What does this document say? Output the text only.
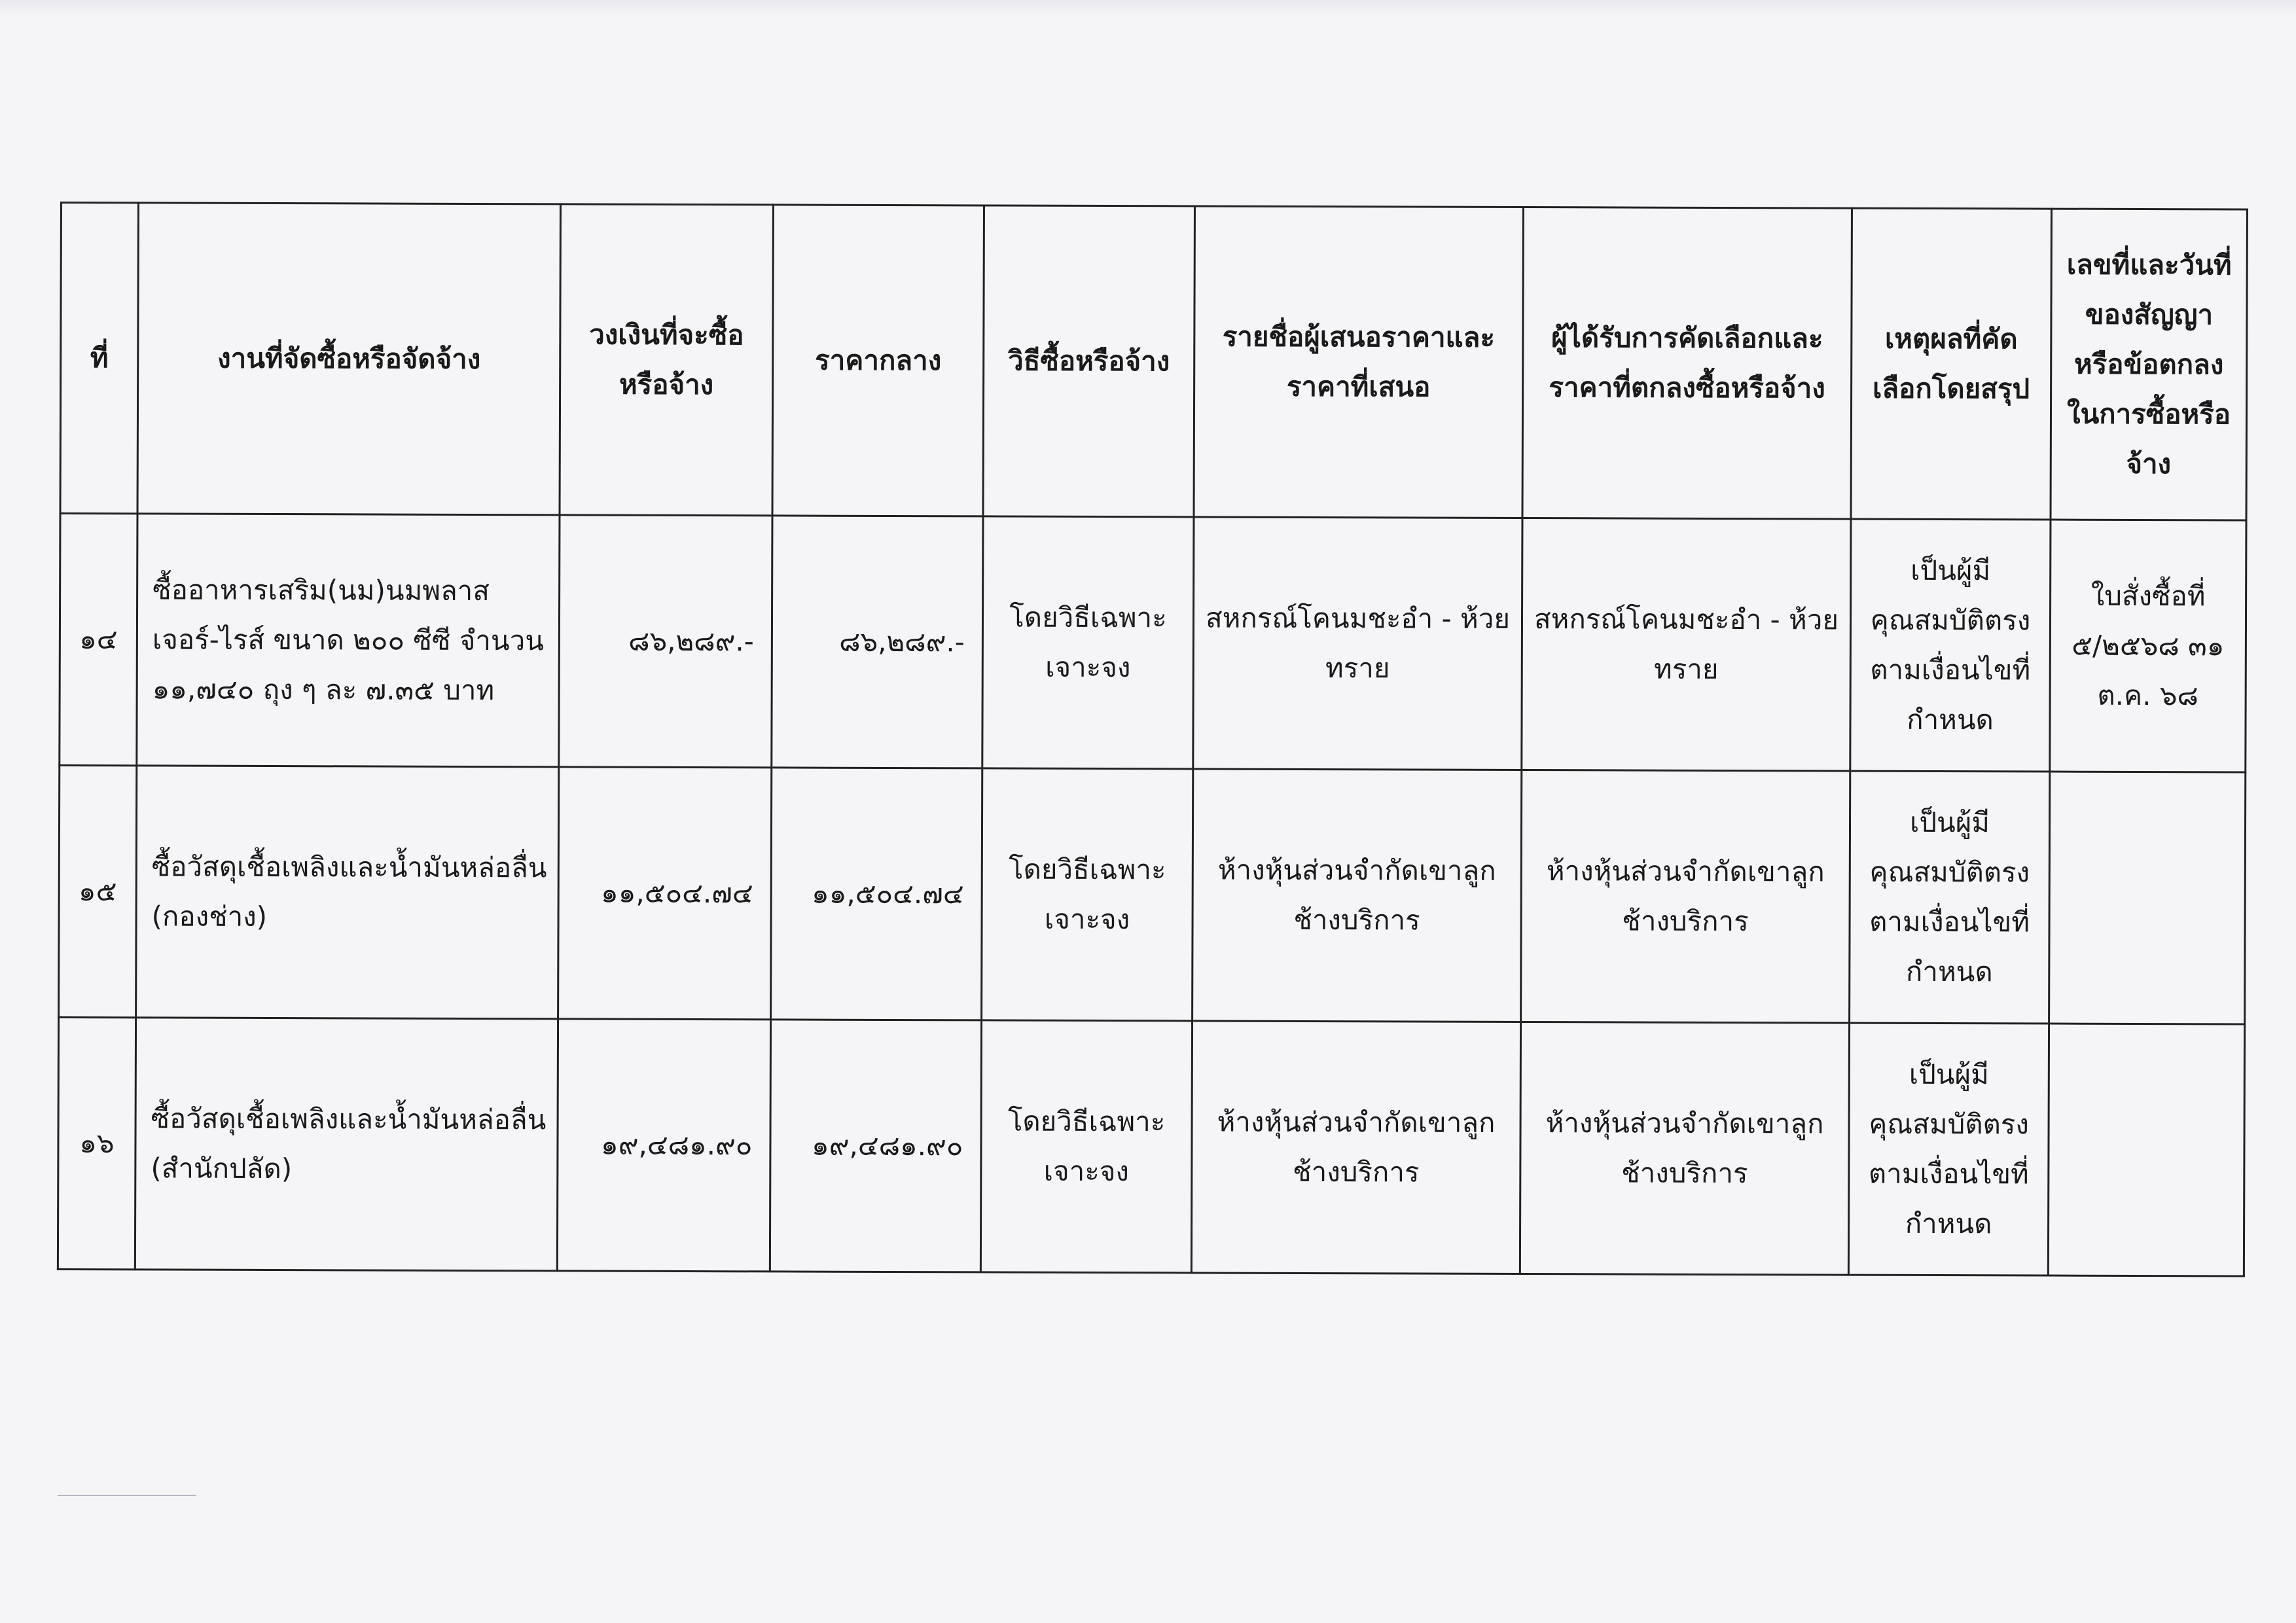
ที่	งานที่จัดซื้อหรือจัดจ้าง	วงเงินที่จะซื้อหรือจ้าง	ราคากลาง	วิธีซื้อหรือจ้าง	รายชื่อผู้เสนอราคาและราคาที่เสนอ	ผู้ได้รับการคัดเลือกและราคาที่ตกลงซื้อหรือจ้าง	เหตุผลที่คัดเลือกโดยสรุป	เลขที่และวันที่ของสัญญาหรือข้อตกลงในการซื้อหรือจ้าง
๑๔	ซื้ออาหารเสริม(นม)นมพลาสเจอร์-ไรส์ ขนาด ๒๐๐ ซีซี จำนวน ๑๑,๗๔๐ ถุง ๆ ละ ๗.๓๕ บาท	๘๖,๒๘๙.-	๘๖,๒๘๙.-	โดยวิธีเฉพาะเจาะจง	สหกรณ์โคนมชะอำ - ห้วยทราย	สหกรณ์โคนมชะอำ - ห้วยทราย	เป็นผู้มีคุณสมบัติตรงตามเงื่อนไขที่กำหนด	ใบสั่งซื้อที่ ๕/๒๕๖๘ ๓๑ ต.ค. ๖๘
๑๕	ซื้อวัสดุเชื้อเพลิงและน้ำมันหล่อลื่น (กองช่าง)	๑๑,๕๐๔.๗๔	๑๑,๕๐๔.๗๔	โดยวิธีเฉพาะเจาะจง	ห้างหุ้นส่วนจำกัดเขาลูกช้างบริการ	ห้างหุ้นส่วนจำกัดเขาลูกช้างบริการ	เป็นผู้มีคุณสมบัติตรงตามเงื่อนไขที่กำหนด	
๑๖	ซื้อวัสดุเชื้อเพลิงและน้ำมันหล่อลื่น (สำนักปลัด)	๑๙,๔๘๑.๙๐	๑๙,๔๘๑.๙๐	โดยวิธีเฉพาะเจาะจง	ห้างหุ้นส่วนจำกัดเขาลูกช้างบริการ	ห้างหุ้นส่วนจำกัดเขาลูกช้างบริการ	เป็นผู้มีคุณสมบัติตรงตามเงื่อนไขที่กำหนด	
